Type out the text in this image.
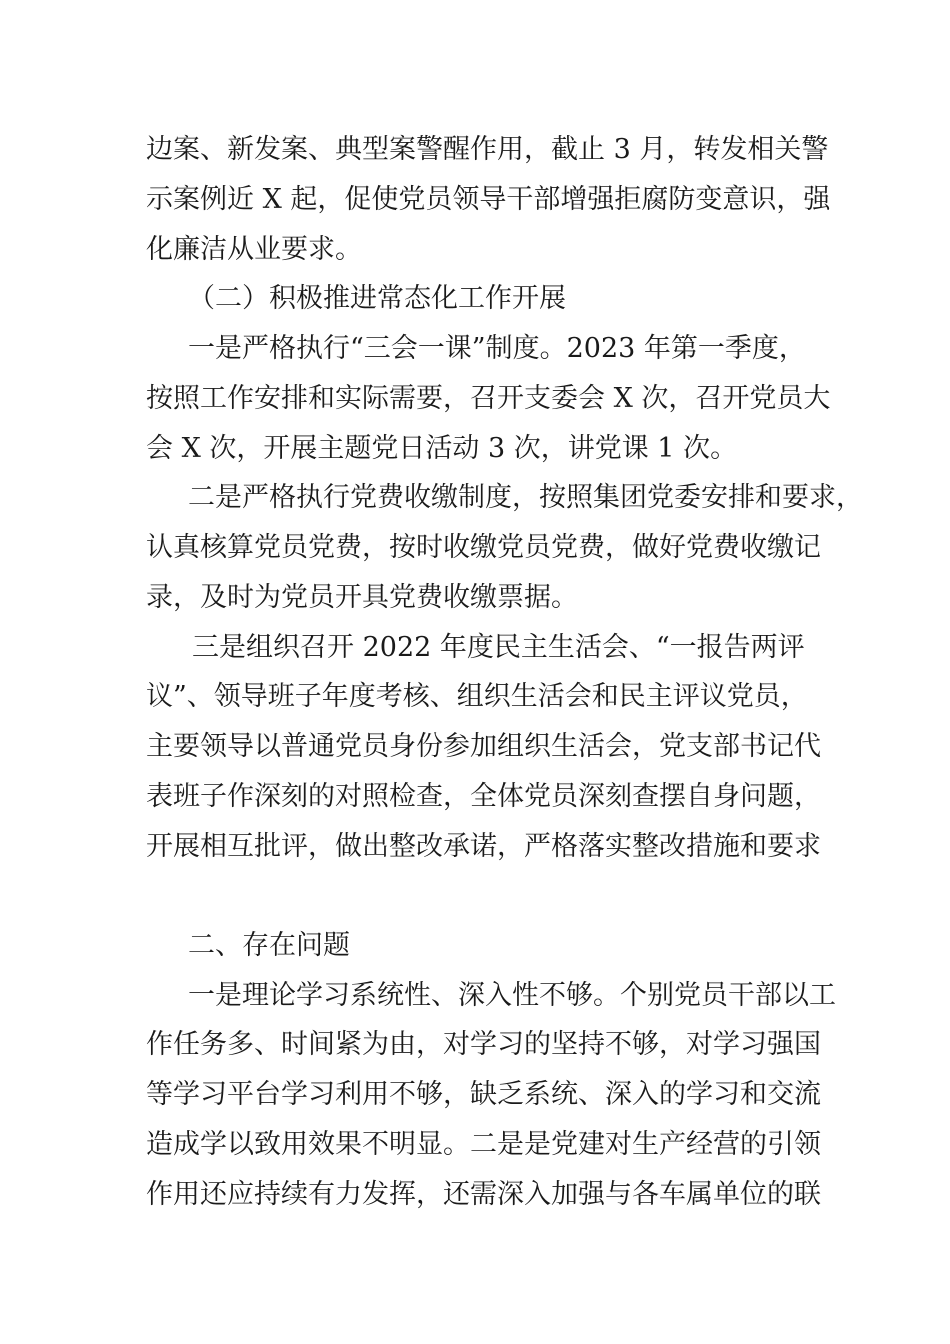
边案、新发案、典型案警醒作用，截止 3 月，转发相关警
示案例近 X 起，促使党员领导干部增强拒腐防变意识，强
化廉洁从业要求。
（二）积极推进常态化工作开展
一是严格执行“三会一课”制度。2023 年第一季度，
按照工作安排和实际需要，召开支委会 X 次，召开党员大
会 X 次，开展主题党日活动 3 次，讲党课 1 次。
二是严格执行党费收缴制度，按照集团党委安排和要求，
认真核算党员党费，按时收缴党员党费，做好党费收缴记
录，及时为党员开具党费收缴票据。
三是组织召开 2022 年度民主生活会、“一报告两评
议”、领导班子年度考核、组织生活会和民主评议党员，
主要领导以普通党员身份参加组织生活会，党支部书记代
表班子作深刻的对照检查，全体党员深刻查摆自身问题，
开展相互批评，做出整改承诺，严格落实整改措施和要求
二、存在问题
一是理论学习系统性、深入性不够。个别党员干部以工
作任务多、时间紧为由，对学习的坚持不够，对学习强国
等学习平台学习利用不够，缺乏系统、深入的学习和交流
造成学以致用效果不明显。二是是党建对生产经营的引领
作用还应持续有力发挥，还需深入加强与各车属单位的联
